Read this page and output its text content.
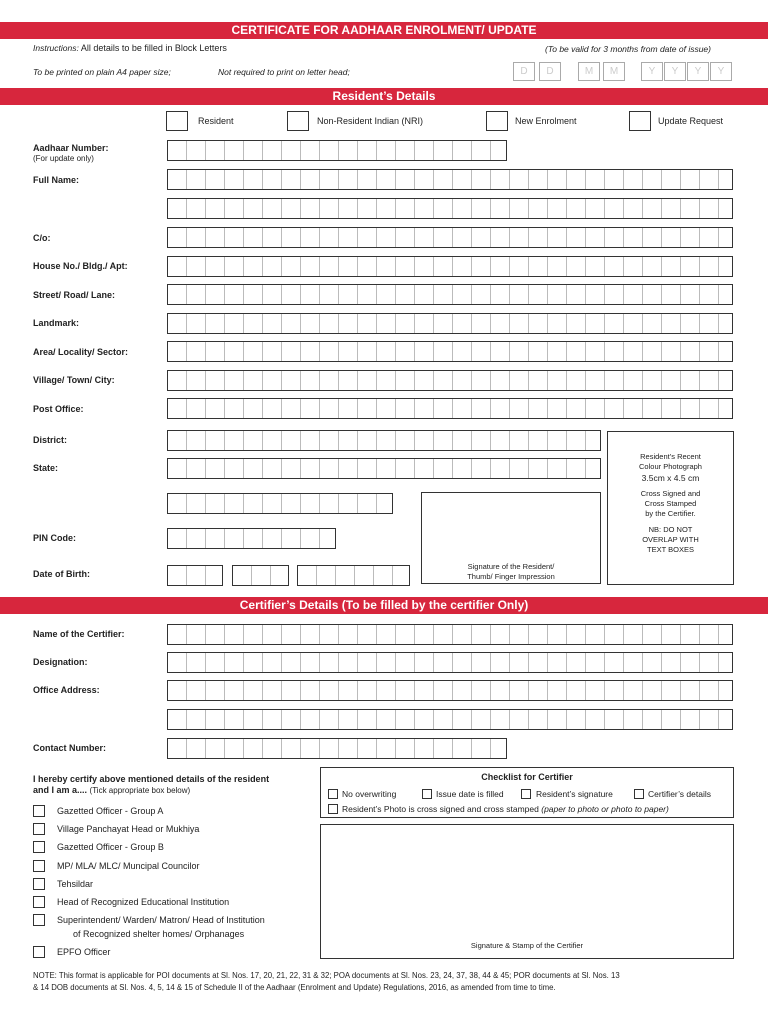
CERTIFICATE FOR AADHAAR ENROLMENT/ UPDATE
Instructions: All details to be filled in Block Letters	(To be valid for 3 months from date of issue)
To be printed on plain A4 paper size;	Not required to print on letter head;	D	D	M	M	Y	Y	Y	Y
Resident’s Details
Resident	Non-Resident Indian (NRI)	New Enrolment	Update Request
Aadhaar Number:
(For update only)
Full Name:
C/o:
House No./ Bldg./ Apt:
Street/ Road/ Lane:
Landmark:
Area/ Locality/ Sector:
Village/ Town/ City:
Post Office:
District:
State:
Signature of the Resident/
Thumb/ Finger Impression
Resident’s Recent
Colour Photograph
3.5cm x 4.5 cm
Cross Signed and
Cross Stamped
by the Certifier.
NB: DO NOT
OVERLAP WITH
TEXT BOXES
PIN Code:
Date of Birth:
Certifier’s Details (To be filled by the certifier Only)
Name of the Certifier:
Designation:
Office Address:
Contact Number:
I hereby certify above mentioned details of the resident
and I am a.... (Tick appropriate box below)
Gazetted Officer - Group A
Village Panchayat Head or Mukhiya
Gazetted Officer - Group B
MP/ MLA/ MLC/ Muncipal Councilor
Tehsildar
Head of Recognized Educational Institution
Superintendent/ Warden/ Matron/ Head of Institution
of Recognized shelter homes/ Orphanages
EPFO Officer
Checklist for Certifier
No overwriting	Issue date is filled	Resident’s signature	Certifier’s details
Resident’s Photo is cross signed and cross stamped (paper to photo or photo to paper)
Signature & Stamp of the Certifier
NOTE: This format is applicable for POI documents at Sl. Nos. 17, 20, 21, 22, 31 & 32; POA documents at Sl. Nos. 23, 24, 37, 38, 44 & 45; POR documents at Sl. Nos. 13
& 14 DOB documents at Sl. Nos. 4, 5, 14 & 15 of Schedule II of the Aadhaar (Enrolment and Update) Regulations, 2016, as amended from time to time.
